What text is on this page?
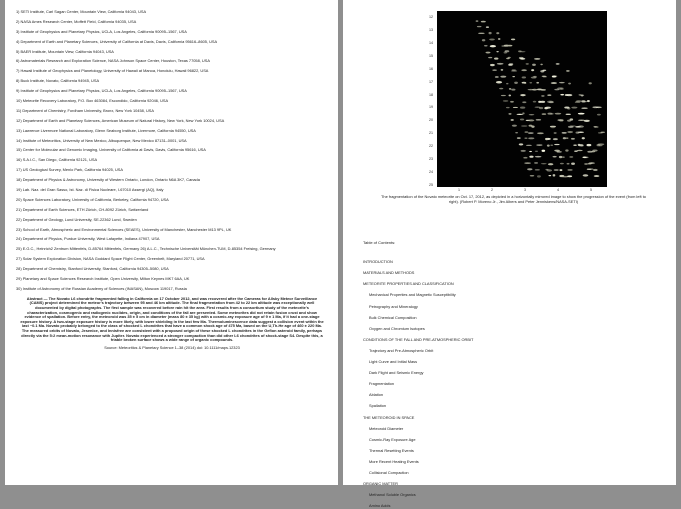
1) SETI Institute, Carl Sagan Center, Mountain View, California 94043, USA
2) NASA Ames Research Center, Moffett Field, California 94035, USA
3) Institute of Geophysics and Planetary Physics, UCLA, Los Angeles, California 90095–1567, USA
4) Department of Earth and Planetary Sciences, University of California at Davis, Davis, California 95616–8605, USA
5) BAER Institute, Mountain View, California 94043, USA
6) Astromaterials Research and Exploration Science, NASA Johnson Space Center, Houston, Texas 77058, USA
7) Hawaii Institute of Geophysics and Planetology, University of Hawaii at Manoa, Honolulu, Hawaii 96822, USA
8) Buck Institute, Novato, California 94945, USA
9) Institute of Geophysics and Planetary Physics, UCLA, Los Angeles, California 90095–1567, USA
10) Meteorite Recovery Laboratory, P.O. Box 463084, Escondido, California 92046, USA
11) Department of Chemistry, Fordham University, Bronx, New York 10458, USA
12) Department of Earth and Planetary Sciences, American Museum of Natural History, New York, New York 10024, USA
13) Lawrence Livermore National Laboratory, Glenn Seaborg Institute, Livermore, California 94550, USA
14) Institute of Meteoritics, University of New Mexico, Albuquerque, New Mexico 87131–0001, USA
15) Center for Molecular and Genomic Imaging, University of California at Davis, Davis, California 95616, USA
16) S.A.I.C., San Diego, California 92121, USA
17) US Geological Survey, Menlo Park, California 94025, USA
18) Department of Physics & Astronomy, University of Western Ontario, London, Ontario N6A 3K7, Canada
19) Lab. Naz. del Gran Sasso, Ist. Naz. di Fisica Nucleare, I-67010 Assergi (AQ), Italy
20) Space Sciences Laboratory, University of California, Berkeley, California 94720, USA
21) Department of Earth Sciences, ETH Zürich, CH-8092 Zürich, Switzerland
22) Department of Geology, Lund University, SE-22362 Lund, Sweden
23) School of Earth, Atmospheric and Environmental Sciences (SEAES), University of Manchester, Manchester M13 9PL, UK
24) Department of Physics, Purdue University, West Lafayette, Indiana 47907, USA
25) E.G.C., Heinrich2 Zentrum Mittenfels, D-85764 Mittenfels, Germany 26) A.L.C., Technische Universität München-TUM, D-85354 Freising, Germany
27) Solar System Exploration Division, NASA Goddard Space Flight Center, Greenbelt, Maryland 20771, USA
28) Department of Chemistry, Stanford University, Stanford, California 94305–5080, USA
29) Planetary and Space Sciences Research Institute, Open University, Milton Keynes MK7 6AA, UK
30) Institute of Astronomy of the Russian Academy of Sciences (INASAN), Moscow 119017, Russia
Abstract — The Novato L6 chondrite fragmented falling in California on 17 October 2012, and was recovered after the Cameras for Allsky Meteor Surveillance (CAMS) project determined the meteor's trajectory between 95 and 46 km altitude. The final fragmentation from 42 to 22 km altitude was exceptionally well documented by digital photographs. The first sample was recovered before rain hit the area. First results from a consortium study of the meteorite's characterization, cosmogenic and radiogenic nuclides, origin, and conditions of the fall are presented. Some meteorites did not retain fusion crust and show evidence of spallation. Before entry, the meteoroid was 35 ± 5 cm in diameter (mass 80 ± 35 kg) with a cosmic-ray exposure age of 9 ± 1 Ma, if it had a one-stage exposure history. A two-stage exposure history is more likely, with lower shielding in the last few Ma. Thermoluminescence data suggest a collision event within the last ~0.1 Ma. Novato probably belonged to the class of shocked L chondrites that have a common shock age of 475 Ma, based on the U,Th-He age of 460 ± 220 Ma. The measured orbits of Novato, Jesenice, and Innisfree are consistent with a proposed origin of these shocked L chondrites in the Gefion asteroid family, perhaps directly via the 5:2 mean-motion resonance with Jupiter. Novato experienced a stronger compaction than did other L6 chondrites of shock-stage S4. Despite this, a friable broken surface shows a wide range of organic compounds.
Source: Meteoritics & Planetary Science 1–38 (2014) doi: 10.1111/maps.12323
12
13
14
15
16
17
18
19
20
21
22
23
24
25
1	2	3	4	5
The fragmentation of the Novato meteorite on Oct. 17, 2012, as depicted in a horizontally mirrored image to show the progression of the event (from left to right). (Robert P. Moreno Jr., Jim Albers and Peter Jenniskens/NASA-SETI)
Table of Contents:
INTRODUCTION
MATERIALS AND METHODS
METEORITE PROPERTIES AND CLASSIFICATION
Mechanical Properties and Magnetic Susceptibility
Petrography and Mineralogy
Bulk Chemical Composition
Oxygen and Chromium Isotopes
CONDITIONS OF THE FALL AND PRE-ATMOSPHERIC ORBIT
Trajectory and Pre-Atmospheric Orbit
Light Curve and Initial Mass
Dark Flight and Seismic Energy
Fragmentation
Ablation
Spallation
THE METEOROID IN SPACE
Meteoroid Diameter
Cosmic-Ray Exposure Age
Thermal Resetting Events
More Recent Heating Events
Collisional Compaction
ORGANIC MATTER
Methanol Soluble Organics
Amino Acids
